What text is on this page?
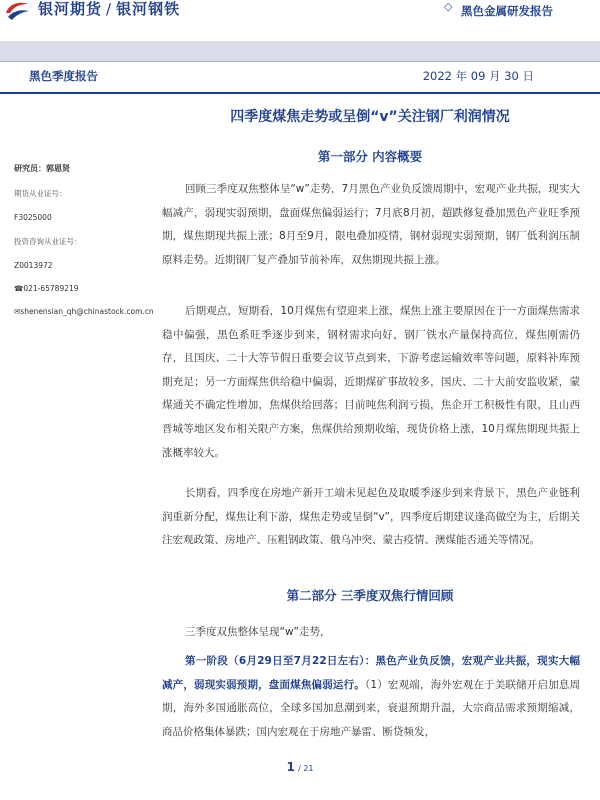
银河期货 / 银河钢铁	◇ 黑色金属研发报告
黑色季度报告	2022 年 09 月 30 日
四季度煤焦走势或呈倒“v”关注钢厂利润情况
研究员：郭恩贤
期货从业证号：
F3025000
投资咨询从业证号：
Z0013972
☎021-65789219
✉shenensian_qh@chinastock.com.cn
第一部分 内容概要

回顾三季度双焦整体呈“w”走势，7月黑色产业负反馈周期中，宏观产业共振，现实大幅减产，弱现实弱预期，盘面煤焦偏弱运行；7月底8月初，超跌修复叠加黑色产业旺季预期，煤焦期现共振上涨；8月至9月，限电叠加疫情，钢材弱现实弱预期，钢厂低利润压制原料走势。近期钢厂复产叠加节前补库，双焦期现共振上涨。

后期观点，短期看，10月煤焦有望迎来上涨，煤焦上涨主要原因在于一方面煤焦需求稳中偏强，黑色系旺季逐步到来，钢材需求向好，钢厂铁水产量保持高位，煤焦刚需仍存，且国庆、二十大等节假日重要会议节点到来，下游考虑运输效率等问题，原料补库预期充足；另一方面煤焦供给稳中偏弱，近期煤矿事故较多，国庆、二十大前安监收紧，蒙煤通关不确定性增加，焦煤供给回落；目前吨焦利润亏损，焦企开工积极性有限，且山西晋城等地区发布相关限产方案，焦煤供给预期收缩，现货价格上涨，10月煤焦期现共振上涨概率较大。

长期看，四季度在房地产新开工端未见起色及取暖季逐步到来背景下，黑色产业链利润重新分配，煤焦让利下游，煤焦走势或呈倒“v”，四季度后期建议逢高做空为主，后期关注宏观政策、房地产、压粗钢政策、俄乌冲突、蒙古疫情、澳煤能否通关等情况。

第二部分 三季度双焦行情回顾

三季度双焦整体呈现“w”走势，

第一阶段（6月29日至7月22日左右）：黑色产业负反馈，宏观产业共振，现实大幅减产，弱现实弱预期，盘面煤焦偏弱运行。（1）宏观端，海外宏观在于美联储开启加息周期，海外多国通胀高位，全球多国加息潮到来，衰退预期升温，大宗商品需求预期缩减，商品价格集体暴跌；国内宏观在于房地产暴雷、断贷频发，

1 / 21
